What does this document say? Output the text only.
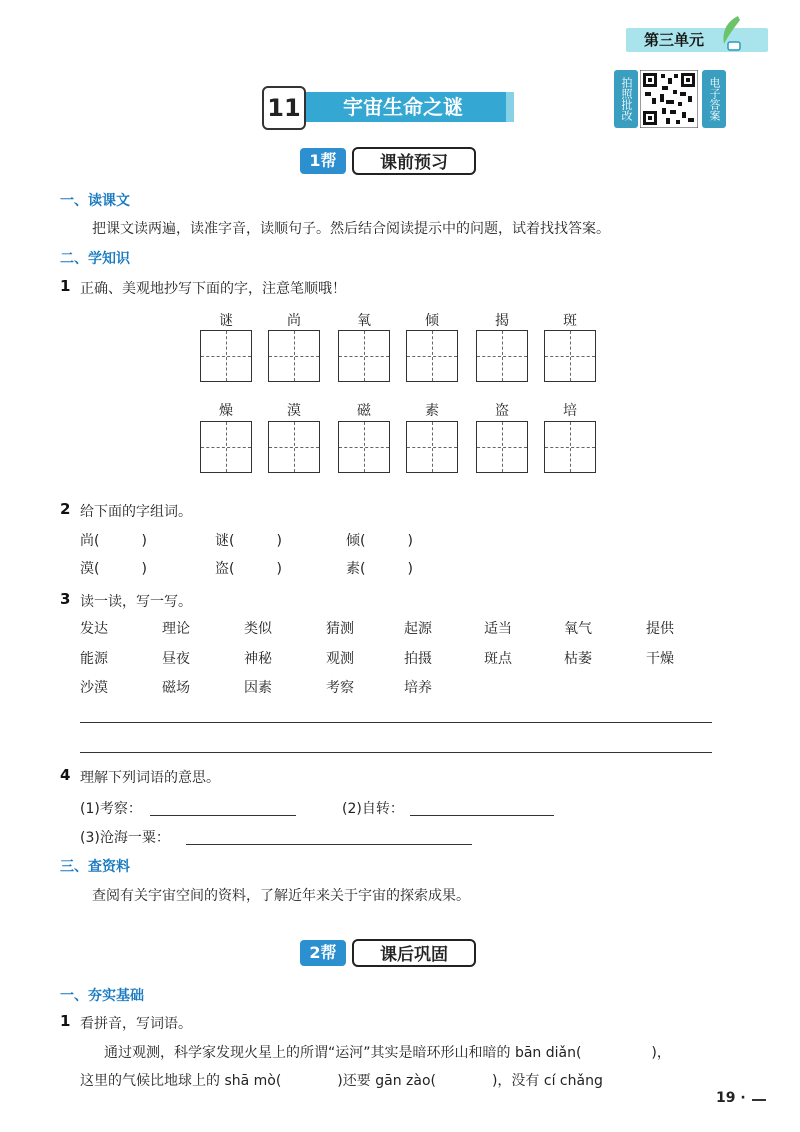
第三单元
拍照批改	电子答案
宇宙生命之谜
11
1帮	课前预习
一、读课文
把课文读两遍，读准字音，读顺句子。然后结合阅读提示中的问题，试着找找答案。
二、学知识
1 正确、美观地抄写下面的字，注意笔顺哦！
谜	尚	氧	倾	揭	斑
燥	漠	磁	素	盗	培
2 给下面的字组词。
尚(　　　)	谜(　　　)	倾(　　　)
漠(　　　)	盗(　　　)	素(　　　)
3 读一读，写一写。
发达	理论	类似	猜测	起源	适当	氧气	提供
能源	昼夜	神秘	观测	拍摄	斑点	枯萎	干燥
沙漠	磁场	因素	考察	培养
4 理解下列词语的意思。
(1)考察：	(2)自转：
(3)沧海一粟：
三、查资料
查阅有关宇宙空间的资料，了解近年来关于宇宙的探索成果。
2帮	课后巩固
一、夯实基础
1 看拼音，写词语。
通过观测，科学家发现火星上的所谓“运河”其实是暗环形山和暗的 bān diǎn(　　　　　)，
这里的气候比地球上的 shā mò(　　　　)还要 gān zào(　　　　)，没有 cí chǎng
19 ·
